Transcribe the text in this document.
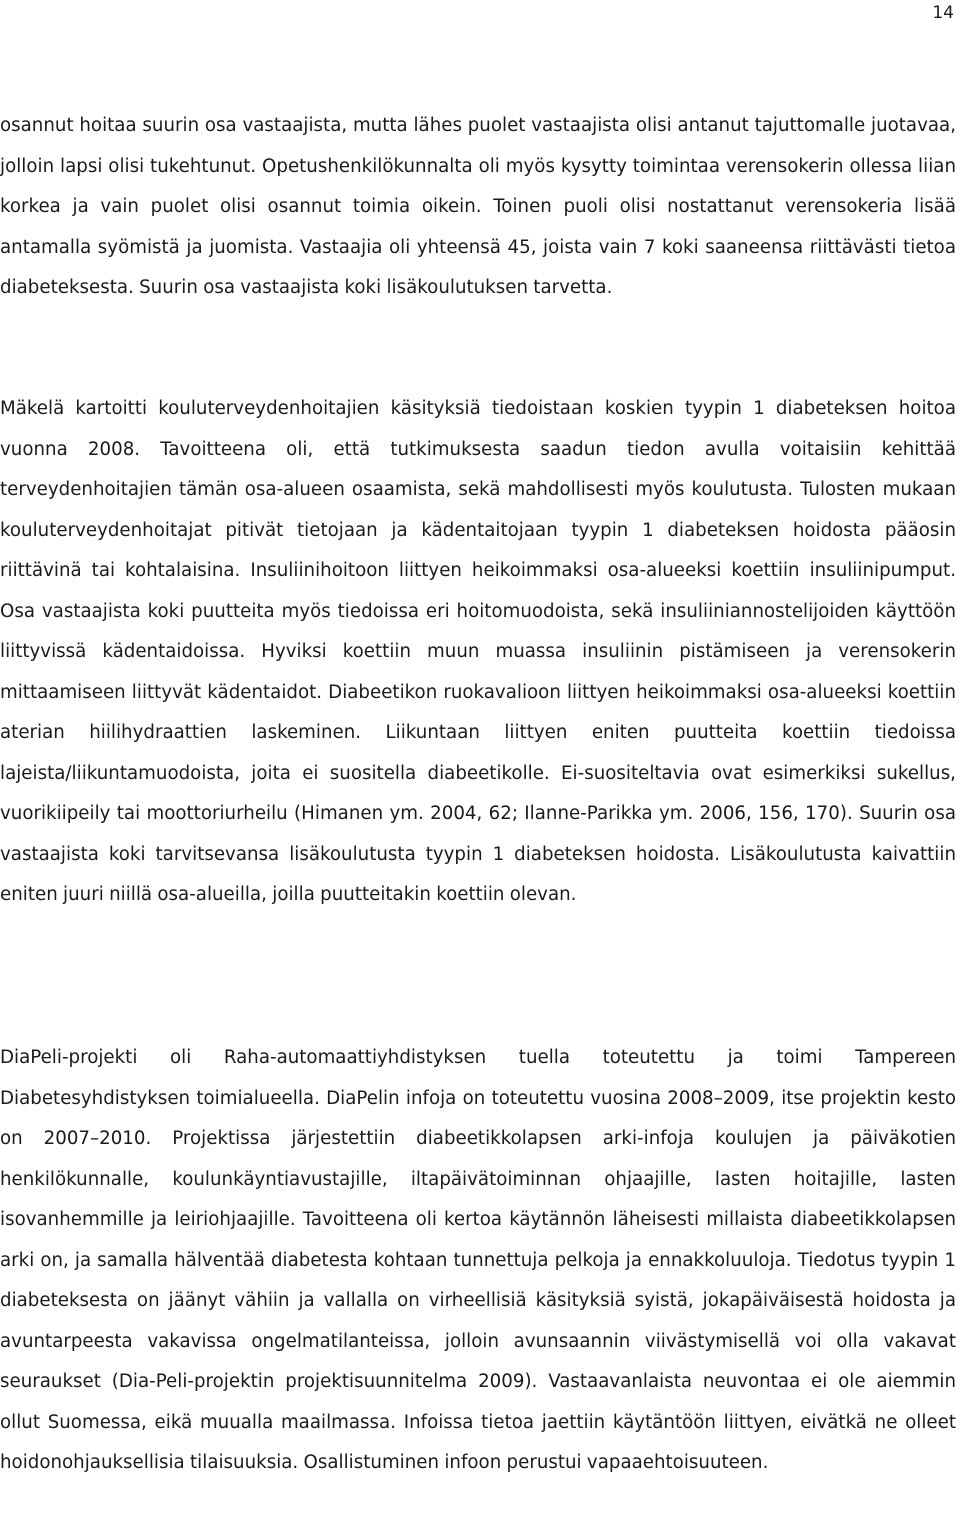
14

osannut hoitaa suurin osa vastaajista, mutta lähes puolet vastaajista olisi antanut tajuttomalle juotavaa, jolloin lapsi olisi tukehtunut. Opetushenkilökunnalta oli myös kysytty toimintaa verensokerin ollessa liian korkea ja vain puolet olisi osannut toimia oikein. Toinen puoli olisi nostattanut verensokeria lisää antamalla syömistä ja juomista. Vastaajia oli yhteensä 45, joista vain 7 koki saaneensa riittävästi tietoa diabeteksesta. Suurin osa vastaajista koki lisäkoulutuksen tarvetta.

Mäkelä kartoitti kouluterveydenhoitajien käsityksiä tiedoistaan koskien tyypin 1 diabeteksen hoitoa vuonna 2008. Tavoitteena oli, että tutkimuksesta saadun tiedon avulla voitaisiin kehittää terveydenhoitajien tämän osa-alueen osaamista, sekä mahdollisesti myös koulutusta. Tulosten mukaan kouluterveydenhoitajat pitivät tietojaan ja kädentaitojaan tyypin 1 diabeteksen hoidosta pääosin riittävinä tai kohtalaisina. Insuliinihoitoon liittyen heikoimmaksi osa-alueeksi koettiin insuliinipumput. Osa vastaajista koki puutteita myös tiedoissa eri hoitomuodoista, sekä insuliiniannostelijoiden käyttöön liittyvissä kädentaidoissa. Hyviksi koettiin muun muassa insuliinin pistämiseen ja verensokerin mittaamiseen liittyvät kädentaidot. Diabeetikon ruokavalioon liittyen heikoimmaksi osa-alueeksi koettiin aterian hiilihydraattien laskeminen. Liikuntaan liittyen eniten puutteita koettiin tiedoissa lajeista/liikuntamuodoista, joita ei suositella diabeetikolle. Ei-suositeltavia ovat esimerkiksi sukellus, vuorikiipeily tai moottoriurheilu (Himanen ym. 2004, 62; Ilanne-Parikka ym. 2006, 156, 170). Suurin osa vastaajista koki tarvitsevansa lisäkoulutusta tyypin 1 diabeteksen hoidosta. Lisäkoulutusta kaivattiin eniten juuri niillä osa-alueilla, joilla puutteitakin koettiin olevan.

DiaPeli-projekti oli Raha-automaattiyhdistyksen tuella toteutettu ja toimi Tampereen Diabetesyhdistyksen toimialueella. DiaPelin infoja on toteutettu vuosina 2008–2009, itse projektin kesto on 2007–2010. Projektissa järjestettiin diabeetikkolapsen arki-infoja koulujen ja päiväkotien henkilökunnalle, koulunkäyntiavustajille, iltapäivätoiminnan ohjaajille, lasten hoitajille, lasten isovanhemmille ja leiriohjaajille. Tavoitteena oli kertoa käytännön läheisesti millaista diabeetikkolapsen arki on, ja samalla hälventää diabetesta kohtaan tunnettuja pelkoja ja ennakkoluuloja. Tiedotus tyypin 1 diabeteksesta on jäänyt vähiin ja vallalla on virheellisiä käsityksiä syistä, jokapäiväisestä hoidosta ja avuntarpeesta vakavissa ongelmatilanteissa, jolloin avunsaannin viivästymisellä voi olla vakavat seuraukset (Dia-Peli-projektin projektisuunnitelma 2009). Vastaavanlaista neuvontaa ei ole aiemmin ollut Suomessa, eikä muualla maailmassa. Infoissa tietoa jaettiin käytäntöön liittyen, eivätkä ne olleet hoidonohjauksellisia tilaisuuksia. Osallistuminen infoon perustui vapaaehtoisuuteen.
